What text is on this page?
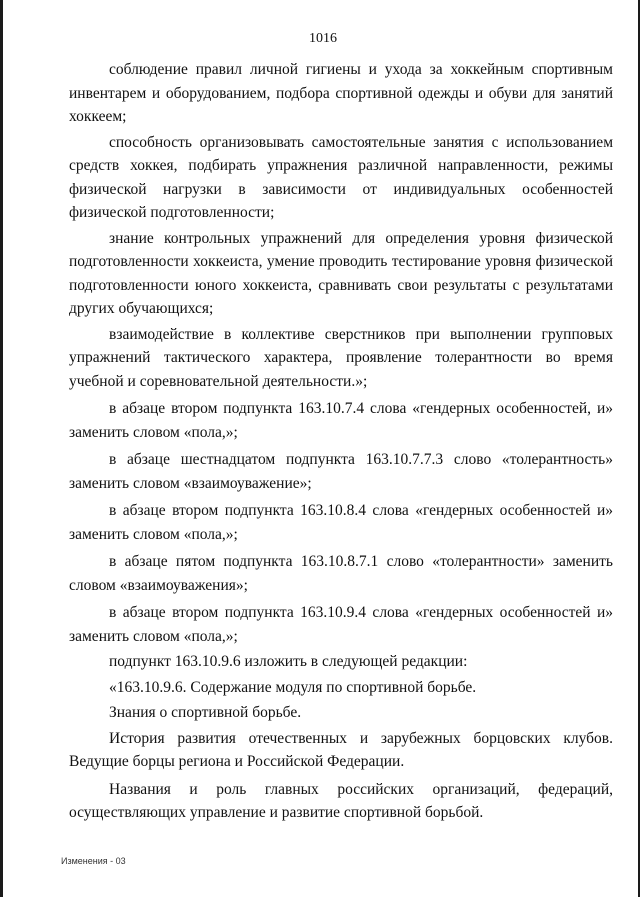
1016

соблюдение правил личной гигиены и ухода за хоккейным спортивным инвентарем и оборудованием, подбора спортивной одежды и обуви для занятий хоккеем;

способность организовывать самостоятельные занятия с использованием средств хоккея, подбирать упражнения различной направленности, режимы физической нагрузки в зависимости от индивидуальных особенностей физической подготовленности;

знание контрольных упражнений для определения уровня физической подготовленности хоккеиста, умение проводить тестирование уровня физической подготовленности юного хоккеиста, сравнивать свои результаты с результатами других обучающихся;

взаимодействие в коллективе сверстников при выполнении групповых упражнений тактического характера, проявление толерантности во время учебной и соревновательной деятельности.»;

в абзаце втором подпункта 163.10.7.4 слова «гендерных особенностей, и» заменить словом «пола,»;

в абзаце шестнадцатом подпункта 163.10.7.7.3 слово «толерантность» заменить словом «взаимоуважение»;

в абзаце втором подпункта 163.10.8.4 слова «гендерных особенностей и» заменить словом «пола,»;

в абзаце пятом подпункта 163.10.8.7.1 слово «толерантности» заменить словом «взаимоуважения»;

в абзаце втором подпункта 163.10.9.4 слова «гендерных особенностей и» заменить словом «пола,»;

подпункт 163.10.9.6 изложить в следующей редакции:

«163.10.9.6. Содержание модуля по спортивной борьбе.

Знания о спортивной борьбе.

История развития отечественных и зарубежных борцовских клубов. Ведущие борцы региона и Российской Федерации.

Названия и роль главных российских организаций, федераций, осуществляющих управление и развитие спортивной борьбой.

Изменения - 03
